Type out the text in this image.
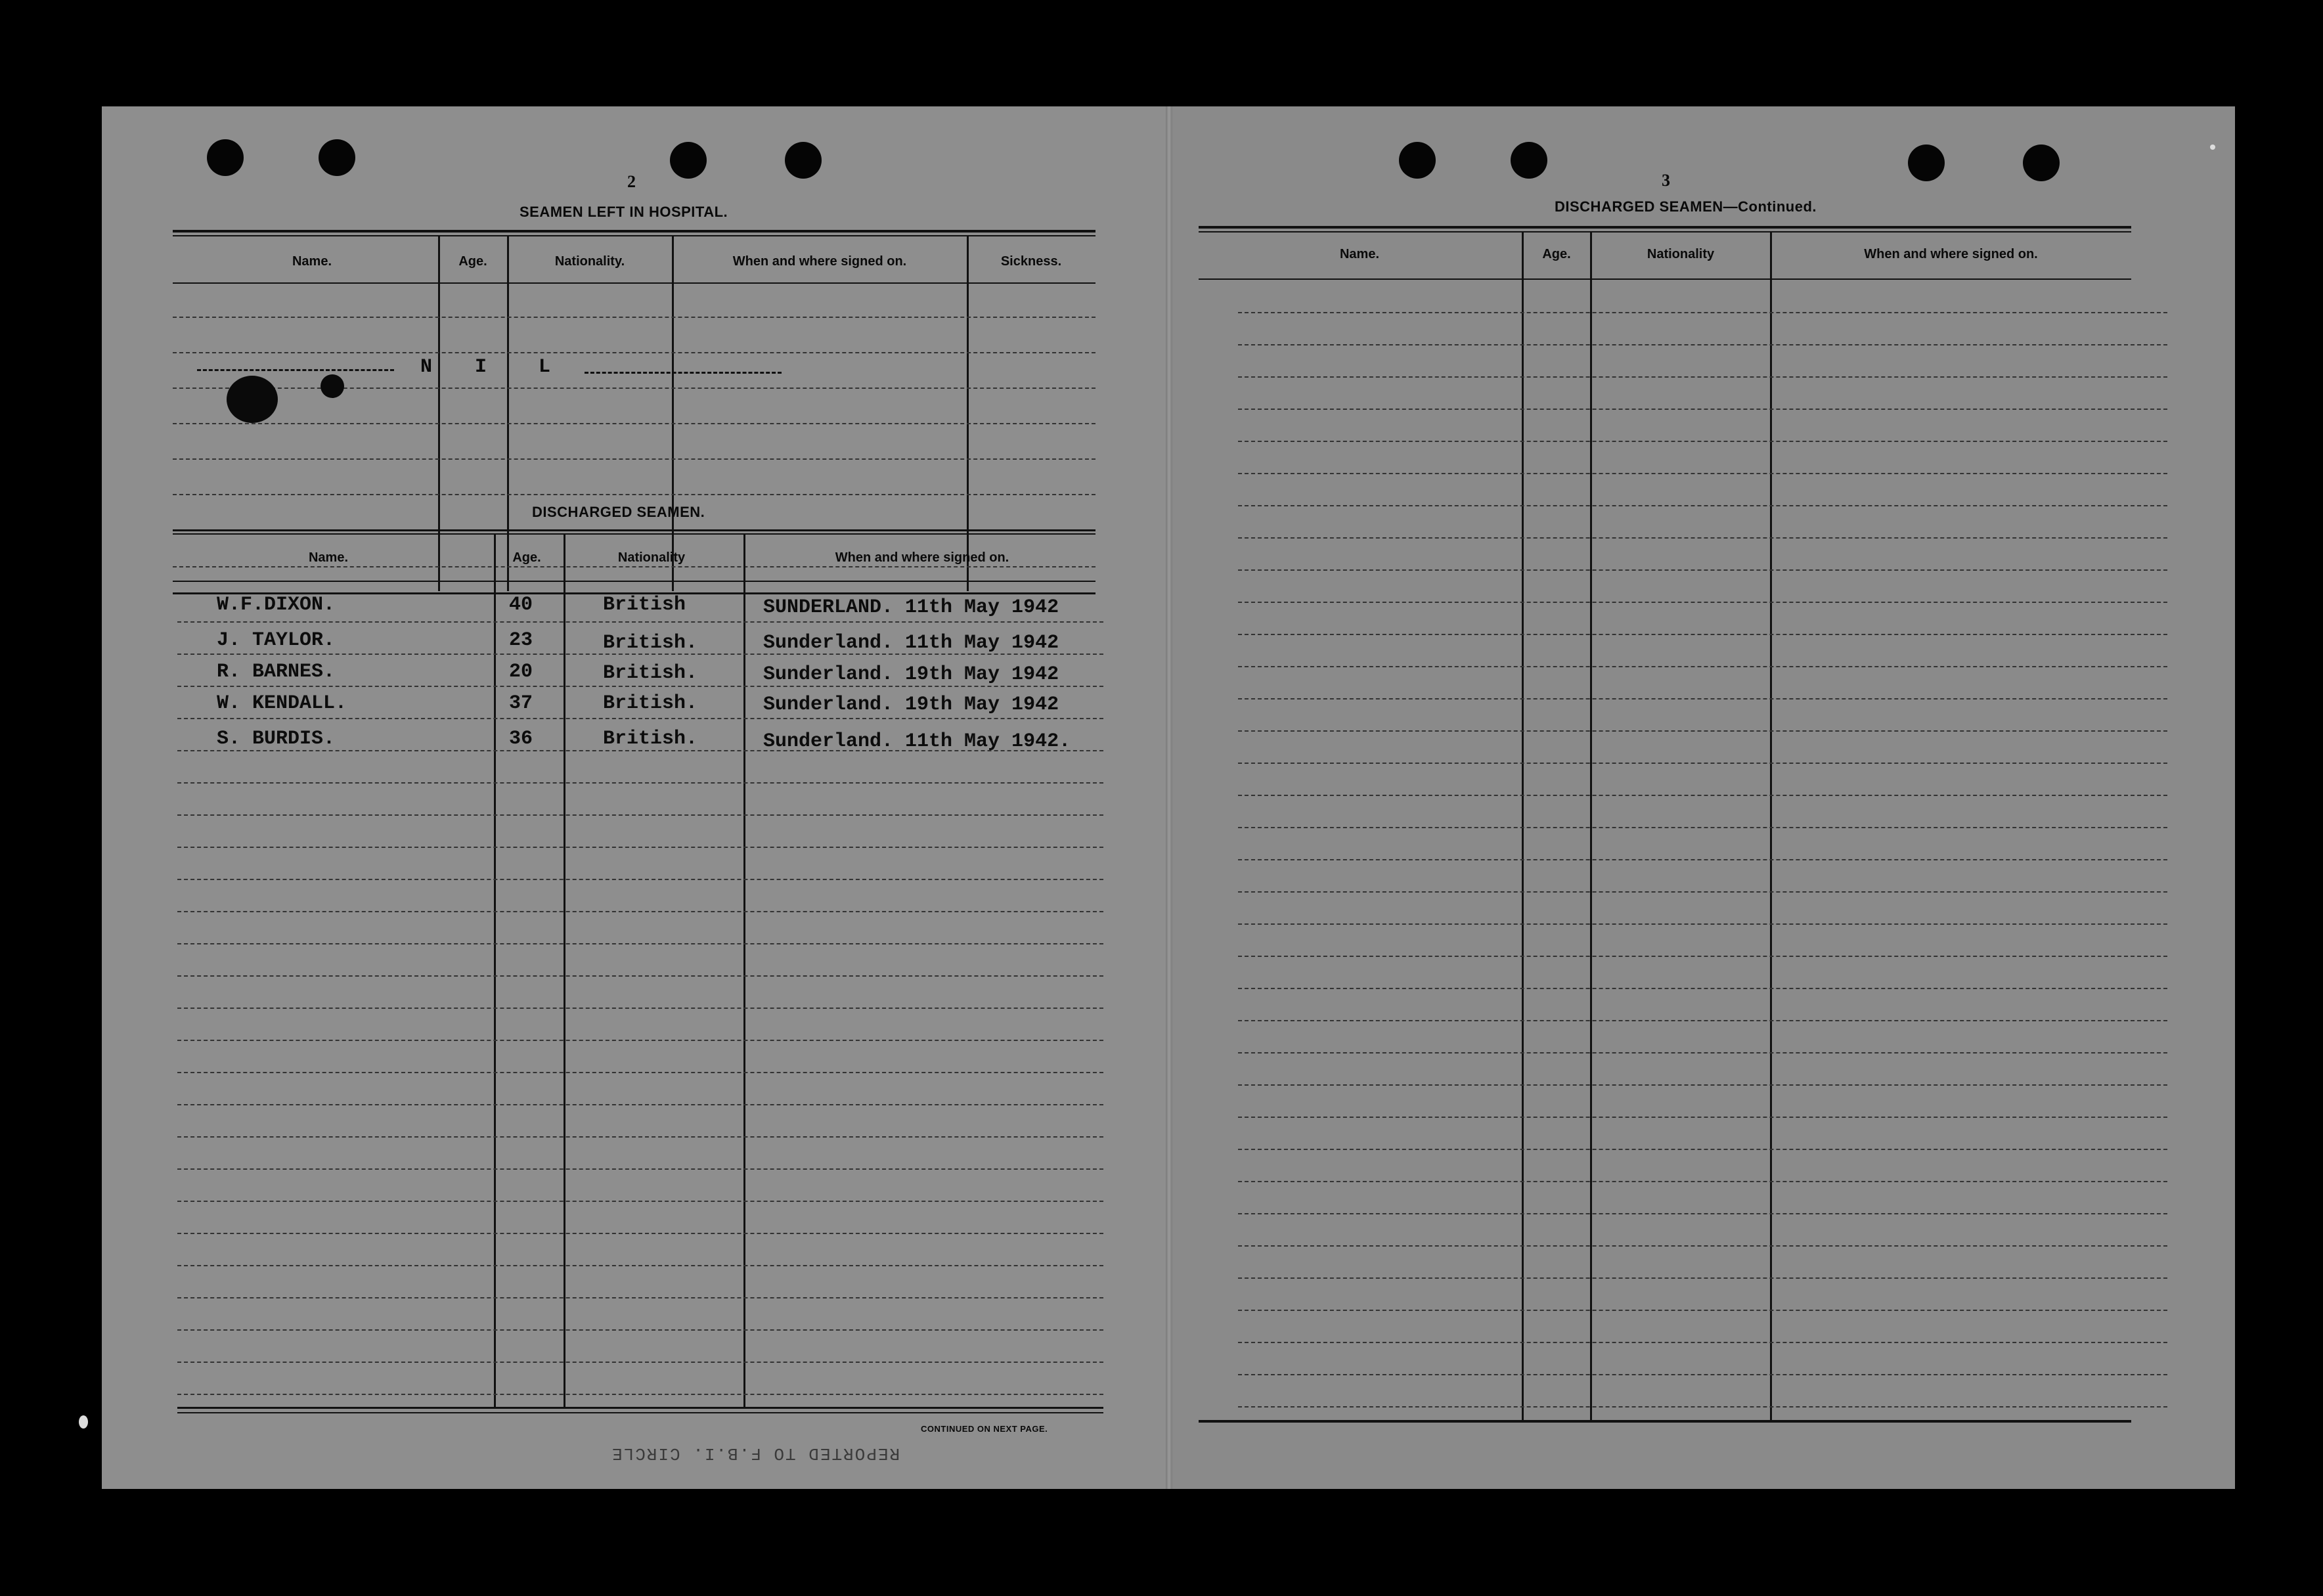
2
SEAMEN LEFT IN HOSPITAL.
Name.	Age.	Nationality.	When and where signed on.	Sickness.
N I	L
DISCHARGED SEAMEN.
3
DISCHARGED SEAMEN—Continued.
Name.	Age.	Nationality	When and where signed on.
Name.	Age.	Nationality	When and where signed on.
W.F.DIXON.	40	British	SUNDERLAND. 11th May 1942
J. TAYLOR.	23	British.	Sunderland. 11th May 1942
R. BARNES.	20	British.	Sunderland. 19th May 1942
W. KENDALL.	37	British.	Sunderland. 19th May 1942
S. BURDIS.	36	British.	Sunderland. 11th May 1942.
CONTINUED ON NEXT PAGE.
REPORTED TO F.B.I. CIRCLE
